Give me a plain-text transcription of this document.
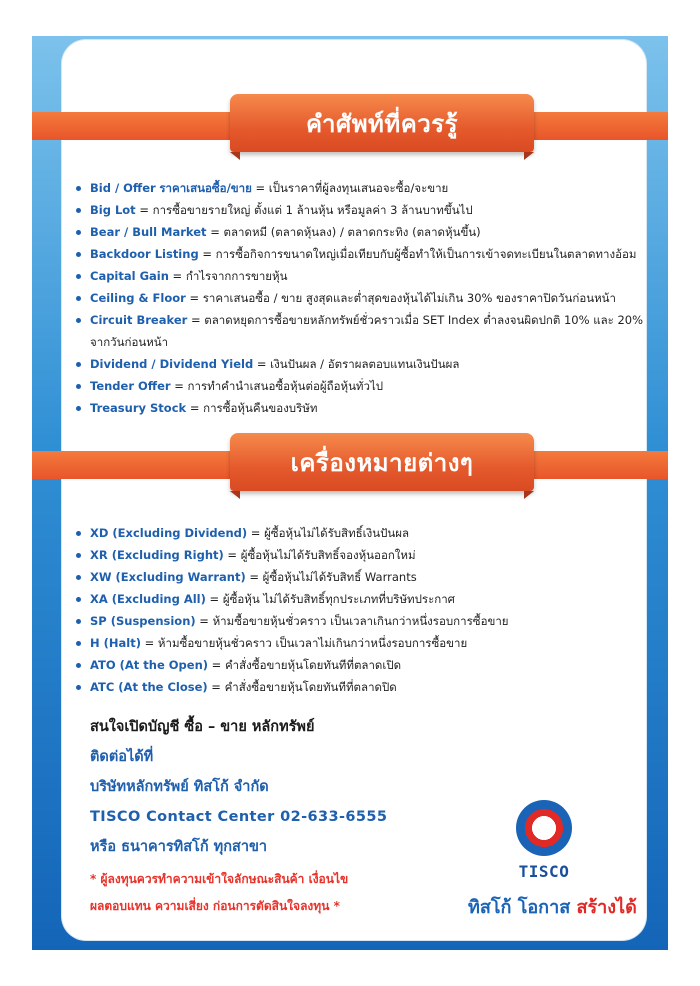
คำศัพท์ที่ควรรู้
Bid / Offer ราคาเสนอซื้อ/ขาย = เป็นราคาที่ผู้ลงทุนเสนอจะซื้อ/จะขาย
Big Lot = การซื้อขายรายใหญ่ ตั้งแต่ 1 ล้านหุ้น หรือมูลค่า 3 ล้านบาทขึ้นไป
Bear / Bull Market = ตลาดหมี (ตลาดหุ้นลง) / ตลาดกระทิง (ตลาดหุ้นขึ้น)
Backdoor Listing = การซื้อกิจการขนาดใหญ่เมื่อเทียบกับผู้ซื้อทำให้เป็นการเข้าจดทะเบียนในตลาดทางอ้อม
Capital Gain = กำไรจากการขายหุ้น
Ceiling & Floor = ราคาเสนอซื้อ / ขาย สูงสุดและต่ำสุดของหุ้นได้ไม่เกิน 30% ของราคาปิดวันก่อนหน้า
Circuit Breaker = ตลาดหยุดการซื้อขายหลักทรัพย์ชั่วคราวเมื่อ SET Index ต่ำลงจนผิดปกติ 10% และ 20% จากวันก่อนหน้า
Dividend / Dividend Yield = เงินปันผล / อัตราผลตอบแทนเงินปันผล
Tender Offer = การทำคำนำเสนอซื้อหุ้นต่อผู้ถือหุ้นทั่วไป
Treasury Stock = การซื้อหุ้นคืนของบริษัท
เครื่องหมายต่างๆ
XD (Excluding Dividend) = ผู้ซื้อหุ้นไม่ได้รับสิทธิ์เงินปันผล
XR (Excluding Right) = ผู้ซื้อหุ้นไม่ได้รับสิทธิ์จองหุ้นออกใหม่
XW (Excluding Warrant) = ผู้ซื้อหุ้นไม่ได้รับสิทธิ์ Warrants
XA (Excluding All) = ผู้ซื้อหุ้น ไม่ได้รับสิทธิ์ทุกประเภทที่บริษัทประกาศ
SP (Suspension) = ห้ามซื้อขายหุ้นชั่วคราว เป็นเวลาเกินกว่าหนึ่งรอบการซื้อขาย
H (Halt) = ห้ามซื้อขายหุ้นชั่วคราว เป็นเวลาไม่เกินกว่าหนึ่งรอบการซื้อขาย
ATO (At the Open) = คำสั่งซื้อขายหุ้นโดยทันทีที่ตลาดเปิด
ATC (At the Close) = คำสั่งซื้อขายหุ้นโดยทันทีที่ตลาดปิด
สนใจเปิดบัญชี ซื้อ – ขาย หลักทรัพย์
ติดต่อได้ที่
บริษัทหลักทรัพย์ ทิสโก้ จำกัด
TISCO Contact Center 02-633-6555
หรือ ธนาคารทิสโก้ ทุกสาขา
* ผู้ลงทุนควรทำความเข้าใจลักษณะสินค้า เงื่อนไข
ผลตอบแทน ความเสี่ยง ก่อนการตัดสินใจลงทุน *
TISCO
ทิสโก้ โอกาส สร้างได้
